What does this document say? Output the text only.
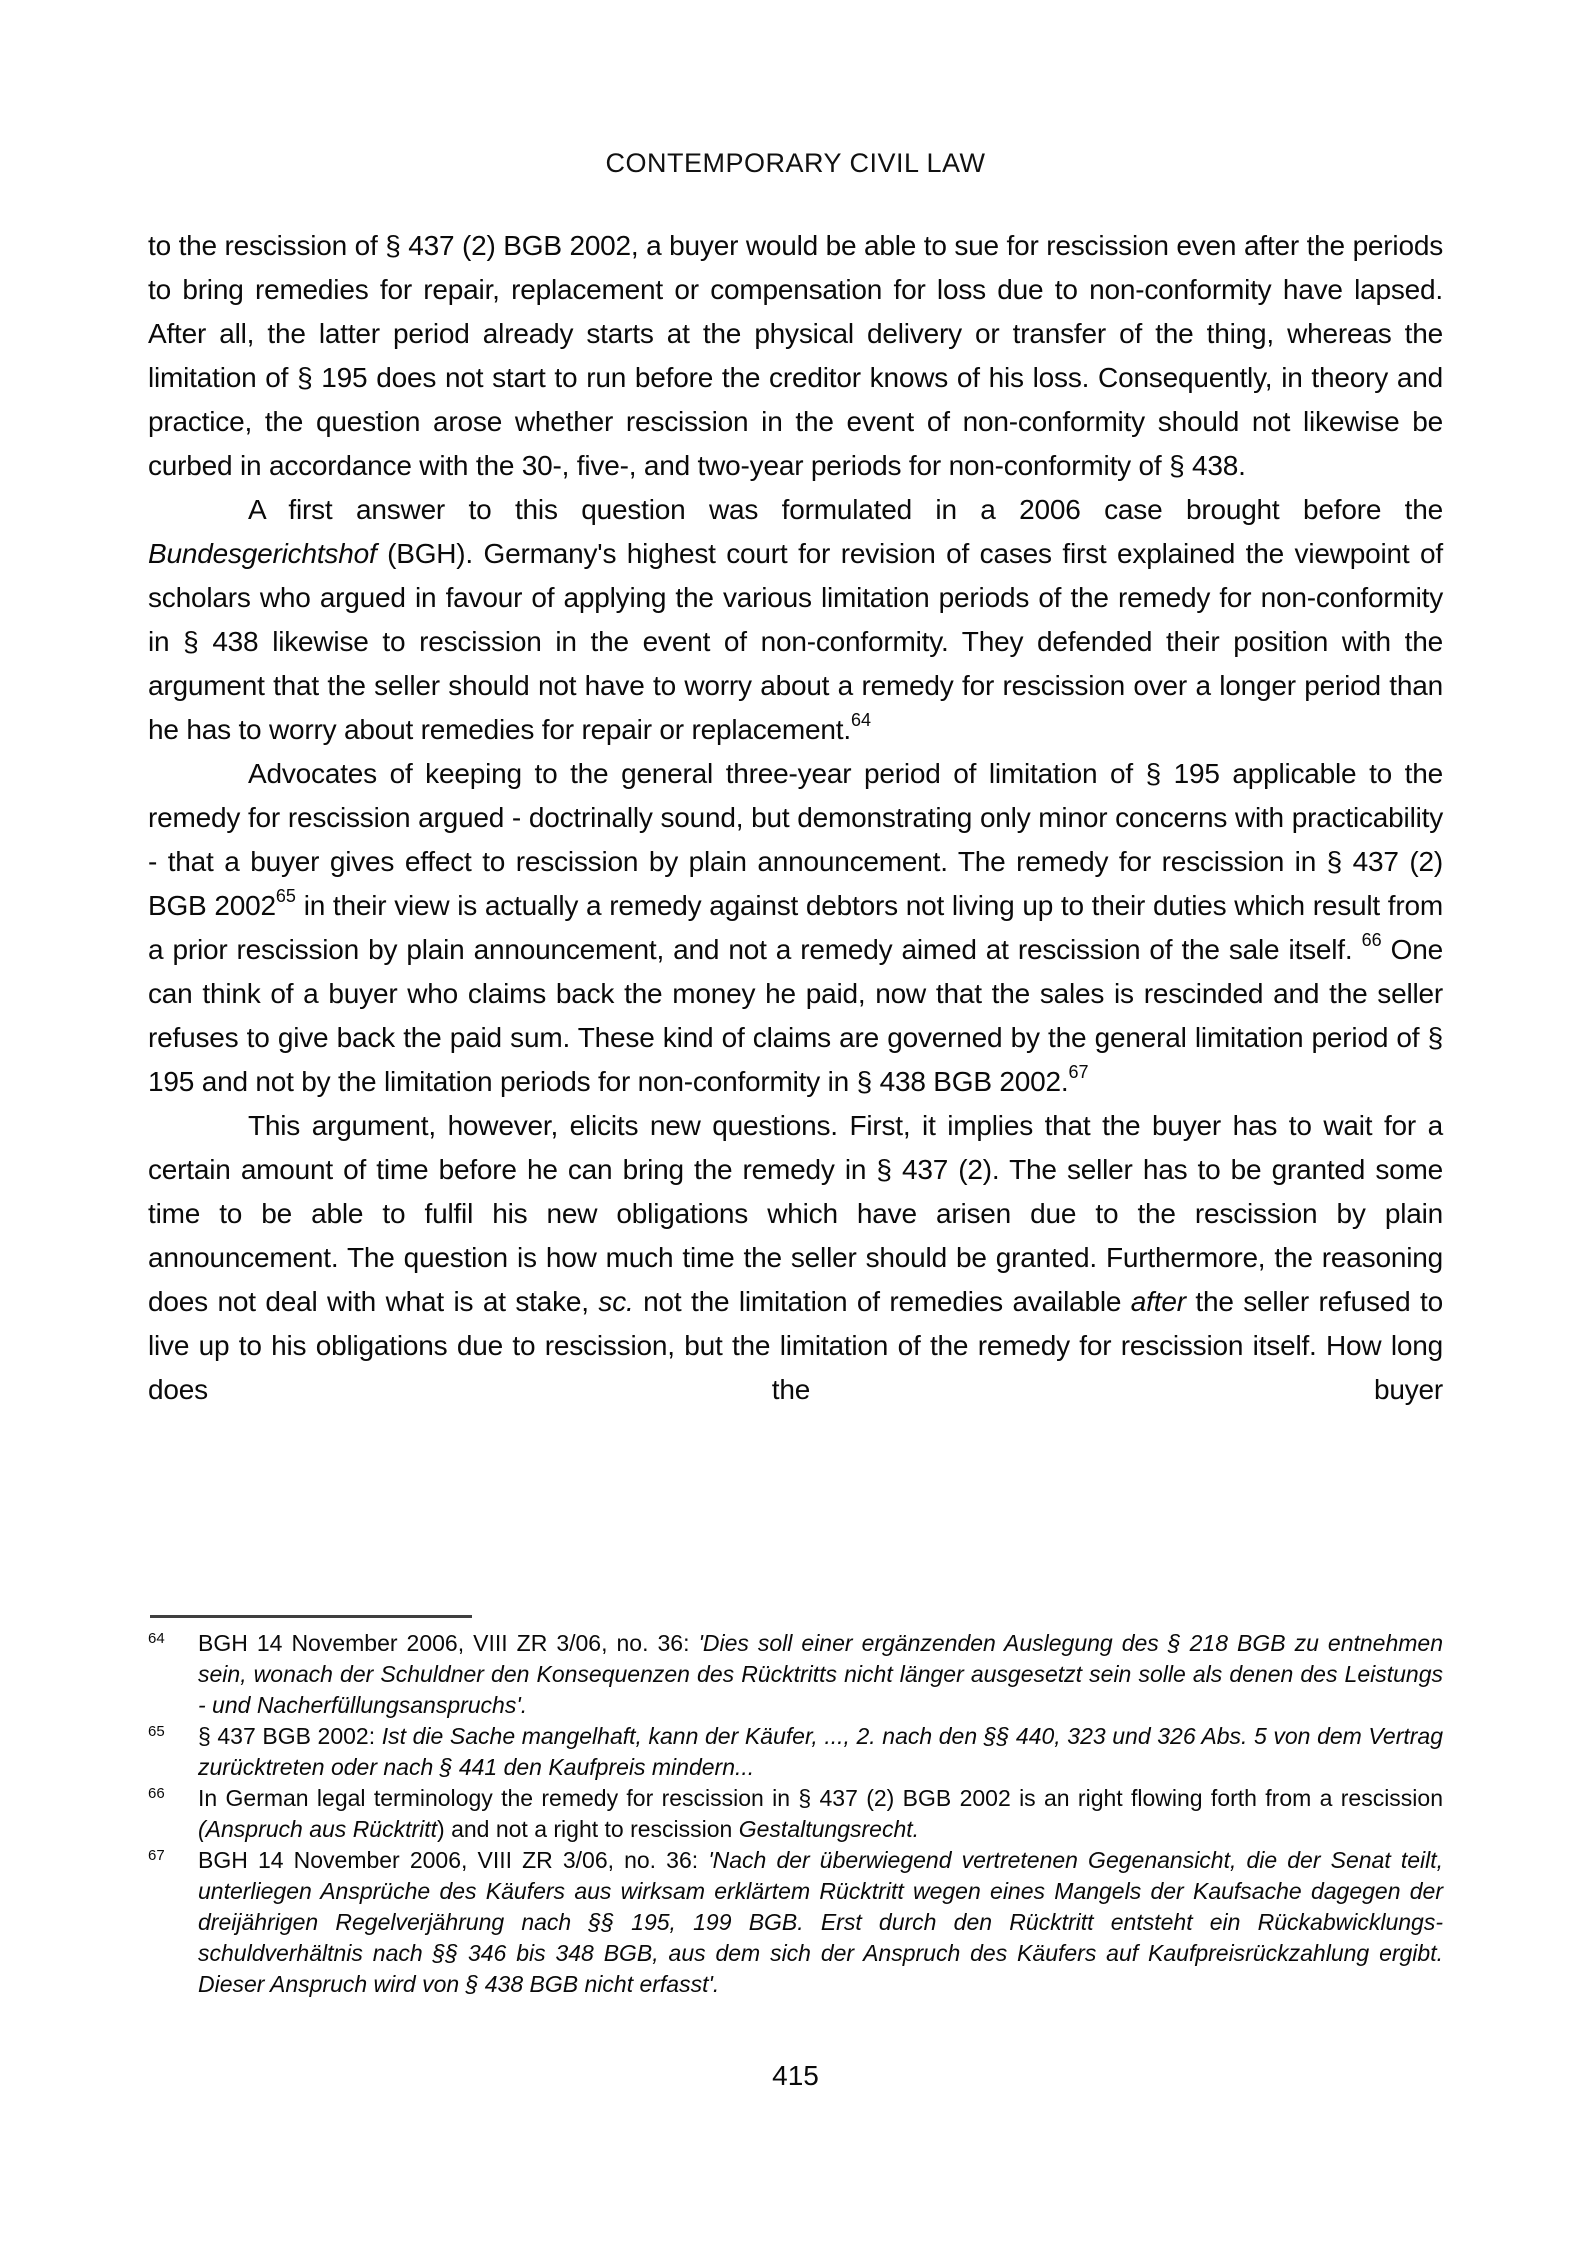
CONTEMPORARY CIVIL LAW

to the rescission of § 437 (2) BGB 2002, a buyer would be able to sue for rescission even after the periods to bring remedies for repair, replacement or compensation for loss due to non-conformity have lapsed. After all, the latter period already starts at the physical delivery or transfer of the thing, whereas the limitation of § 195 does not start to run before the creditor knows of his loss. Consequently, in theory and practice, the question arose whether rescission in the event of non-conformity should not likewise be curbed in accordance with the 30-, five-, and two-year periods for non-conformity of § 438.

A first answer to this question was formulated in a 2006 case brought before the Bundesgerichtshof (BGH). Germany's highest court for revision of cases first explained the viewpoint of scholars who argued in favour of applying the various limitation periods of the remedy for non-conformity in § 438 likewise to rescission in the event of non-conformity. They defended their position with the argument that the seller should not have to worry about a remedy for rescission over a longer period than he has to worry about remedies for repair or replacement.$^{64}$

Advocates of keeping to the general three-year period of limitation of § 195 applicable to the remedy for rescission argued - doctrinally sound, but demonstrating only minor concerns with practicability - that a buyer gives effect to rescission by plain announcement. The remedy for rescission in § 437 (2) BGB 2002$^{65}$ in their view is actually a remedy against debtors not living up to their duties which result from a prior rescission by plain announcement, and not a remedy aimed at rescission of the sale itself. $^{66}$ One can think of a buyer who claims back the money he paid, now that the sales is rescinded and the seller refuses to give back the paid sum. These kind of claims are governed by the general limitation period of § 195 and not by the limitation periods for non-conformity in § 438 BGB 2002.67

This argument, however, elicits new questions. First, it implies that the buyer has to wait for a certain amount of time before he can bring the remedy in § 437 (2). The seller has to be granted some time to be able to fulfil his new obligations which have arisen due to the rescission by plain announcement. The question is how much time the seller should be granted. Furthermore, the reasoning does not deal with what is at stake, sc. not the limitation of remedies available after the seller refused to live up to his obligations due to rescission, but the limitation of the remedy for rescission itself. How long does the buyer

64	BGH 14 November 2006, VIII ZR 3/06, no. 36: 'Dies soll einer ergänzenden Auslegung des § 218 BGB zu entnehmen sein, wonach der Schuldner den Konsequenzen des Rücktritts nicht länger ausgesetzt sein solle als denen des Leistungs - und Nacherfüllungsanspruchs'.
65	§ 437 BGB 2002: Ist die Sache mangelhaft, kann der Käufer, ..., 2. nach den §§ 440, 323 und 326 Abs. 5 von dem Vertrag zurücktreten oder nach § 441 den Kaufpreis mindern...
66	In German legal terminology the remedy for rescission in § 437 (2) BGB 2002 is an right flowing forth from a rescission (Anspruch aus Rücktritt) and not a right to rescission Gestaltungsrecht.
67	BGH 14 November 2006, VIII ZR 3/06, no. 36: 'Nach der überwiegend vertretenen Gegenansicht, die der Senat teilt, unterliegen Ansprüche des Käufers aus wirksam erklärtem Rücktritt wegen eines Mangels der Kaufsache dagegen der dreijährigen Regelverjährung nach §§ 195, 199 BGB. Erst durch den Rücktritt entsteht ein Rückabwicklungs-schuldverhältnis nach §§ 346 bis 348 BGB, aus dem sich der Anspruch des Käufers auf Kaufpreisrückzahlung ergibt. Dieser Anspruch wird von § 438 BGB nicht erfasst'.
415
